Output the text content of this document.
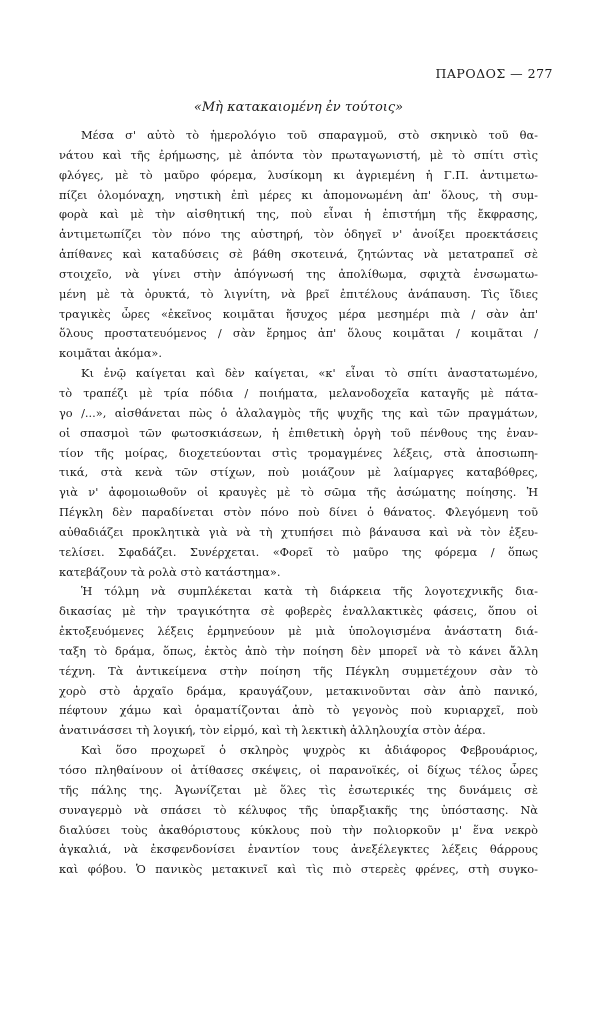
ΠΑΡΟΔΟΣ — 277
«Μὴ κατακαιομένη ἐν τούτοις»
Μέσα σ' αὐτὸ τὸ ἡμερολόγιο τοῦ σπαραγμοῦ, στὸ σκηνικὸ τοῦ θα-
νάτου καὶ τῆς ἐρήμωσης, μὲ ἀπόντα τὸν πρωταγωνιστή, μὲ τὸ σπίτι στὶς
φλόγες, μὲ τὸ μαῦρο φόρεμα, λυσίκομη κι ἀγριεμένη ἡ Γ.Π. ἀντιμετω-
πίζει ὁλομόναχη, νηστικὴ ἐπὶ μέρες κι ἀπομονωμένη ἀπ' ὅλους, τὴ συμ-
φορὰ καὶ μὲ τὴν αἰσθητική της, ποὺ εἶναι ἡ ἐπιστήμη τῆς ἔκφρασης,
ἀντιμετωπίζει τὸν πόνο της αὐστηρή, τὸν ὁδηγεῖ ν' ἀνοίξει προεκτάσεις
ἀπίθανες καὶ καταδύσεις σὲ βάθη σκοτεινά, ζητώντας νὰ μετατραπεῖ σὲ
στοιχεῖο, νὰ γίνει στὴν ἀπόγνωσή της ἀπολίθωμα, σφιχτὰ ἐνσωματω-
μένη μὲ τὰ ὀρυκτά, τὸ λιγνίτη, νὰ βρεῖ ἐπιτέλους ἀνάπαυση. Τὶς ἴδιες
τραγικὲς ὧρες «ἐκεῖνος κοιμᾶται ἥσυχος μέρα μεσημέρι πιὰ / σὰν ἀπ'
ὅλους προστατευόμενος / σὰν ἔρημος ἀπ' ὅλους κοιμᾶται / κοιμᾶται /
κοιμᾶται ἀκόμα».
Κι ἐνῷ καίγεται καὶ δὲν καίγεται, «κ' εἶναι τὸ σπίτι ἀναστατωμένο,
τὸ τραπέζι μὲ τρία πόδια / ποιήματα, μελανοδοχεῖα καταγῆς μὲ πάτα-
γο /...», αἰσθάνεται πὼς ὁ ἀλαλαγμὸς τῆς ψυχῆς της καὶ τῶν πραγμάτων,
οἱ σπασμοὶ τῶν φωτοσκιάσεων, ἡ ἐπιθετικὴ ὀργὴ τοῦ πένθους της ἐναν-
τίον τῆς μοίρας, διοχετεύονται στὶς τρομαγμένες λέξεις, στὰ ἀποσιωπη-
τικά, στὰ κενὰ τῶν στίχων, ποὺ μοιάζουν μὲ λαίμαργες καταβόθρες,
γιὰ ν' ἀφομοιωθοῦν οἱ κραυγὲς μὲ τὸ σῶμα τῆς ἀσώματης ποίησης. Ἡ
Πέγκλη δὲν παραδίνεται στὸν πόνο ποὺ δίνει ὁ θάνατος. Φλεγόμενη τοῦ
αὐθαδιάζει προκλητικὰ γιὰ νὰ τὴ χτυπήσει πιὸ βάναυσα καὶ νὰ τὸν ἐξευ-
τελίσει. Σφαδάζει. Συνέρχεται. «Φορεῖ τὸ μαῦρο της φόρεμα / ὅπως
κατεβάζουν τὰ ρολὰ στὸ κατάστημα».
Ἡ τόλμη νὰ συμπλέκεται κατὰ τὴ διάρκεια τῆς λογοτεχνικῆς δια-
δικασίας μὲ τὴν τραγικότητα σὲ φοβερὲς ἐναλλακτικὲς φάσεις, ὅπου οἱ
ἐκτοξευόμενες λέξεις ἑρμηνεύουν μὲ μιὰ ὑπολογισμένα ἀνάστατη διά-
ταξη τὸ δράμα, ὅπως, ἐκτὸς ἀπὸ τὴν ποίηση δὲν μπορεῖ νὰ τὸ κάνει ἄλλη
τέχνη. Τὰ ἀντικείμενα στὴν ποίηση τῆς Πέγκλη συμμετέχουν σὰν τὸ
χορὸ στὸ ἀρχαῖο δράμα, κραυγάζουν, μετακινοῦνται σὰν ἀπὸ πανικό,
πέφτουν χάμω καὶ ὁραματίζονται ἀπὸ τὸ γεγονὸς ποὺ κυριαρχεῖ, ποὺ
ἀνατινάσσει τὴ λογική, τὸν εἱρμό, καὶ τὴ λεκτικὴ ἀλληλουχία στὸν ἀέρα.
Καὶ ὅσο προχωρεῖ ὁ σκληρὸς ψυχρὸς κι ἀδιάφορος Φεβρουάριος,
τόσο πληθαίνουν οἱ ἀτίθασες σκέψεις, οἱ παρανοϊκές, οἱ δίχως τέλος ὧρες
τῆς πάλης της. Ἀγωνίζεται μὲ ὅλες τὶς ἐσωτερικές της δυνάμεις σὲ
συναγερμὸ νὰ σπάσει τὸ κέλυφος τῆς ὑπαρξιακῆς της ὑπόστασης. Νὰ
διαλύσει τοὺς ἀκαθόριστους κύκλους ποὺ τὴν πολιορκοῦν μ' ἕνα νεκρὸ
ἀγκαλιά, νὰ ἐκσφενδονίσει ἐναντίον τους ἀνεξέλεγκτες λέξεις θάρρους
καὶ φόβου. Ὁ πανικὸς μετακινεῖ καὶ τὶς πιὸ στερεὲς φρένες, στὴ συγκο-
